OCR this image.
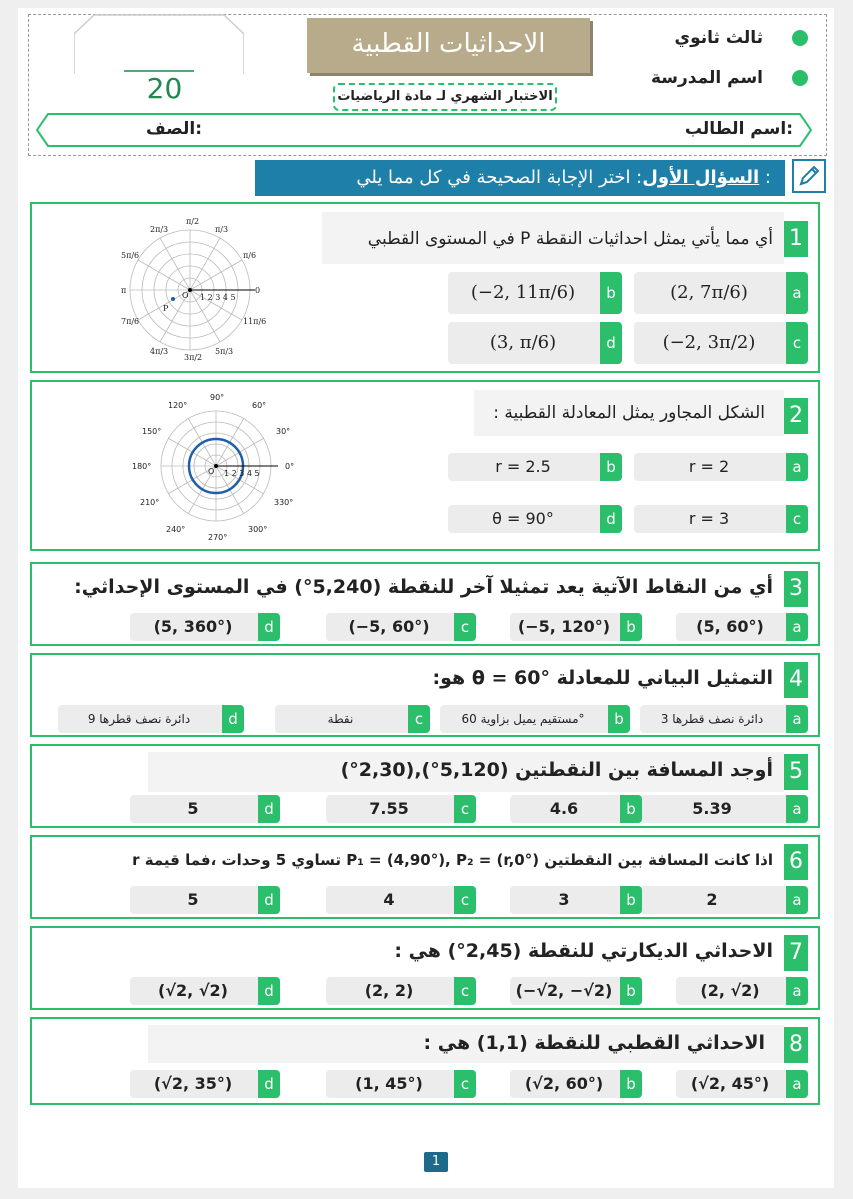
20
ثالث ثانوي
اسم المدرسة
الاحداثيات القطبية
الاختبار الشهري لـ مادة الرياضيات
اسم الطالب:
الصف:
السؤال الأول: اختر الإجابة الصحيحة في كل مما يلي :
1
أي مما يأتي يمثل احداثيات النقطة P في المستوى القطبي
π/2
π/3
π/6
0
π
2π/3
5π/6
7π/6
4π/3
3π/2
5π/3
11π/6
O
P
1 2 3 4 5	a
(2, 7π/6)
b
(−2, 11π/6)
c
(−2, 3π/2)
d
(3, π/6)
2
الشكل المجاور يمثل المعادلة القطبية :
90°
60°
30°
0°
120°
150°
180°
210°
240°
270°
300°
330°
O 1 2 3 4 5	a
r = 2
b
r = 2.5
c
r = 3
d
θ = 90°
3
أي من النقاط الآتية يعد تمثيلا آخر للنقطة (5,240°) في المستوى الإحداثي:
a
(5, 60°)
b
(−5, 120°)
c
(−5, 60°)
d
(5, 360°)
4
التمثيل البياني للمعادلة θ = 60° هو:
a
دائرة نصف قطرها 3
b
مستقيم يميل بزاوية 60°
c
نقطة
d
دائرة نصف قطرها 9
5
أوجد المسافة بين النقطتين (5,120°),(2,30°)
a
5.39
b
4.6
c
7.55
d
5
6
اذا كانت المسافة بين النقطتين P₁ = (4,90°), P₂ = (r,0°) تساوي 5 وحدات ،فما قيمة r
a
2
b
3
c
4
d
5
7
الاحداثي الديكارتي للنقطة (2,45°) هي :
a
(2, √2)
b
(−√2, −√2)
c
(2, 2)
d
(√2, √2)
8
الاحداثي القطبي للنقطة (1,1) هي :
a
(√2, 45°)
b
(√2, 60°)
c
(1, 45°)
d
(√2, 35°)
1
